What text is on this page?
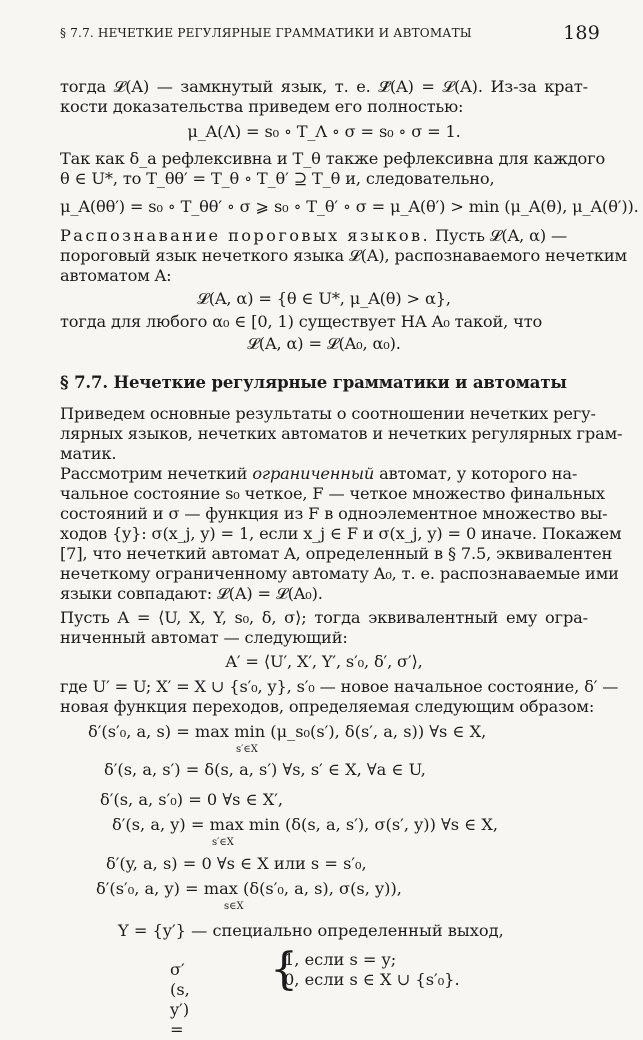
§ 7.7. НЕЧЕТКИЕ РЕГУЛЯРНЫЕ ГРАММАТИКИ И АВТОМАТЫ	189
тогда 𝓛(A) — замкнутый язык, т. е. 𝓛̂(A) = 𝓛(A). Из-за крат-
кости доказательства приведем его полностью:
μ_A(Λ) = s₀ ∘ T_Λ ∘ σ = s₀ ∘ σ = 1.
Так как δ_a рефлексивна и T_θ также рефлексивна для каждого
θ ∈ U*, то T_θθ′ = T_θ ∘ T_θ′ ⊇ T_θ и, следовательно,
μ_A(θθ′) = s₀ ∘ T_θθ′ ∘ σ ⩾ s₀ ∘ T_θ′ ∘ σ = μ_A(θ′) > min (μ_A(θ), μ_A(θ′)).
Распознавание пороговых языков. Пусть 𝓛(A, α) —
пороговый язык нечеткого языка 𝓛(A), распознаваемого нечетким
автоматом A:
𝓛(A, α) = {θ ∈ U*, μ_A(θ) > α},
тогда для любого α₀ ∈ [0, 1) существует НА A₀ такой, что
𝓛(A, α) = 𝓛(A₀, α₀).
§ 7.7. Нечеткие регулярные грамматики и автоматы
Приведем основные результаты о соотношении нечетких регу-
лярных языков, нечетких автоматов и нечетких регулярных грам-
матик.
Рассмотрим нечеткий ограниченный автомат, у которого на-
чальное состояние s₀ четкое, F — четкое множество финальных
состояний и σ — функция из F в одноэлементное множество вы-
ходов {y}: σ(x_j, y) = 1, если x_j ∈ F и σ(x_j, y) = 0 иначе. Покажем
[7], что нечеткий автомат A, определенный в § 7.5, эквивалентен
нечеткому ограниченному автомату A₀, т. е. распознаваемые ими
языки совпадают: 𝓛(A) = 𝓛(A₀).
Пусть A = ⟨U, X, Y, s₀, δ, σ⟩; тогда эквивалентный ему огра-
ниченный автомат — следующий:
A′ = ⟨U′, X′, Y′, s′₀, δ′, σ′⟩,
где U′ = U; X′ = X ∪ {s′₀, y}, s′₀ — новое начальное состояние, δ′ —
новая функция переходов, определяемая следующим образом:
δ′(s′₀, a, s) = max min (μ_s₀(s′), δ(s′, a, s)) ∀s ∈ X,
s′∈X
δ′(s, a, s′) = δ(s, a, s′) ∀s, s′ ∈ X, ∀a ∈ U,
δ′(s, a, s′₀) = 0 ∀s ∈ X′,
δ′(s, a, y) = max min (δ(s, a, s′), σ(s′, y)) ∀s ∈ X,
s′∈X
δ′(y, a, s) = 0 ∀s ∈ X или s = s′₀,
δ′(s′₀, a, y) = max (δ(s′₀, a, s), σ(s, y)),
s∈X
Y = {y′} — специально определенный выход,
σ′(s, y′) =
{
1, если s = y;
0, если s ∈ X ∪ {s′₀}.
